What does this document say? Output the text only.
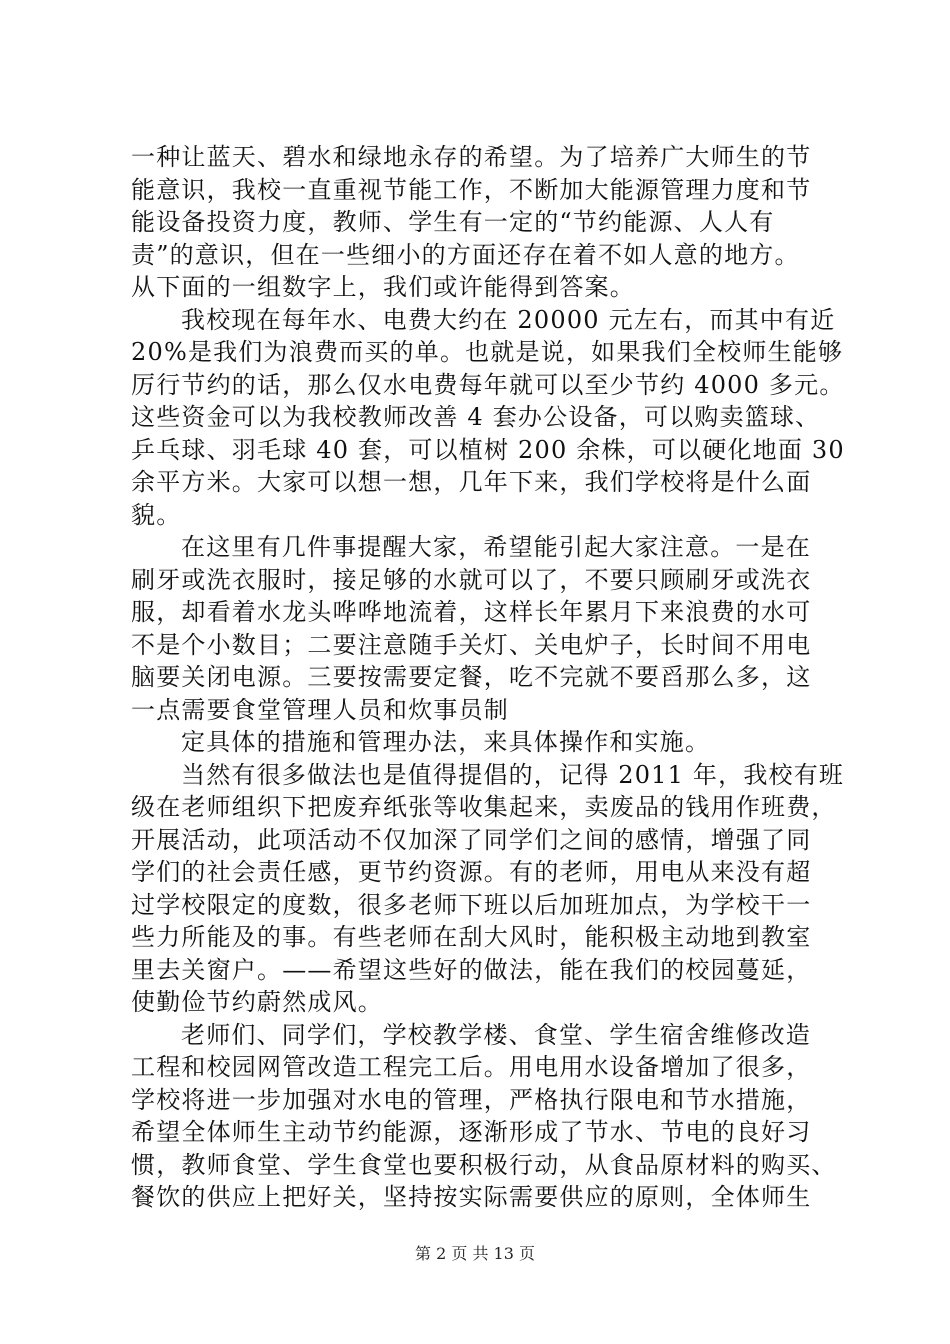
一种让蓝天、碧水和绿地永存的希望。为了培养广大师生的节
能意识，我校一直重视节能工作，不断加大能源管理力度和节
能设备投资力度，教师、学生有一定的“节约能源、人人有
责”的意识，但在一些细小的方面还存在着不如人意的地方。
从下面的一组数字上，我们或许能得到答案。
我校现在每年水、电费大约在 20000 元左右，而其中有近
20%是我们为浪费而买的单。也就是说，如果我们全校师生能够
厉行节约的话，那么仅水电费每年就可以至少节约 4000 多元。
这些资金可以为我校教师改善 4 套办公设备，可以购卖篮球、
乒乓球、羽毛球 40 套，可以植树 200 余株，可以硬化地面 30
余平方米。大家可以想一想，几年下来，我们学校将是什么面
貌。
在这里有几件事提醒大家，希望能引起大家注意。一是在
刷牙或洗衣服时，接足够的水就可以了，不要只顾刷牙或洗衣
服，却看着水龙头哗哗地流着，这样长年累月下来浪费的水可
不是个小数目；二要注意随手关灯、关电炉子，长时间不用电
脑要关闭电源。三要按需要定餐，吃不完就不要舀那么多，这
一点需要食堂管理人员和炊事员制
定具体的措施和管理办法，来具体操作和实施。
当然有很多做法也是值得提倡的，记得 2011 年，我校有班
级在老师组织下把废弃纸张等收集起来，卖废品的钱用作班费，
开展活动，此项活动不仅加深了同学们之间的感情，增强了同
学们的社会责任感，更节约资源。有的老师，用电从来没有超
过学校限定的度数，很多老师下班以后加班加点，为学校干一
些力所能及的事。有些老师在刮大风时，能积极主动地到教室
里去关窗户。——希望这些好的做法，能在我们的校园蔓延，
使勤俭节约蔚然成风。
老师们、同学们，学校教学楼、食堂、学生宿舍维修改造
工程和校园网管改造工程完工后。用电用水设备增加了很多，
学校将进一步加强对水电的管理，严格执行限电和节水措施，
希望全体师生主动节约能源，逐渐形成了节水、节电的良好习
惯，教师食堂、学生食堂也要积极行动，从食品原材料的购买、
餐饮的供应上把好关，坚持按实际需要供应的原则，全体师生
第 2 页 共 13 页
